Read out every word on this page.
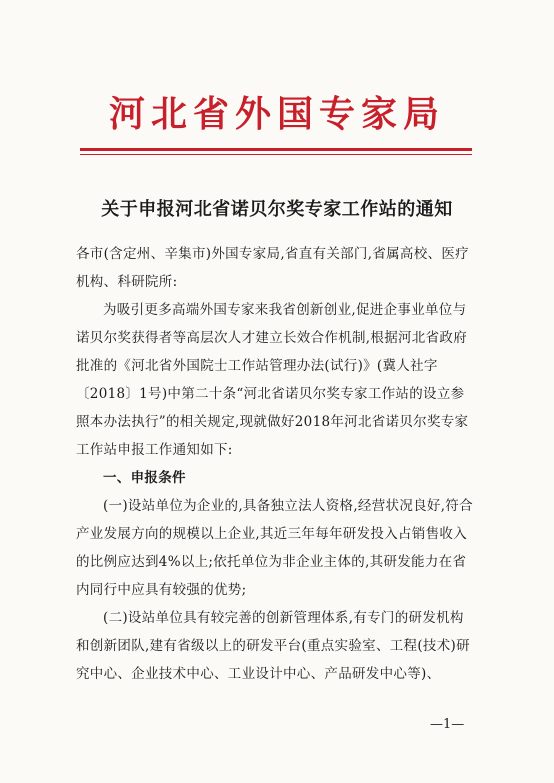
河北省外国专家局
关于申报河北省诺贝尔奖专家工作站的通知

各市(含定州、辛集市)外国专家局,省直有关部门,省属高校、医疗机构、科研院所:

为吸引更多高端外国专家来我省创新创业,促进企事业单位与诺贝尔奖获得者等高层次人才建立长效合作机制,根据河北省政府批准的《河北省外国院士工作站管理办法(试行)》(冀人社字〔2018〕1号)中第二十条“河北省诺贝尔奖专家工作站的设立参照本办法执行”的相关规定,现就做好2018年河北省诺贝尔奖专家工作站申报工作通知如下:

一、申报条件

(一)设站单位为企业的,具备独立法人资格,经营状况良好,符合产业发展方向的规模以上企业,其近三年每年研发投入占销售收入的比例应达到4%以上;依托单位为非企业主体的,其研发能力在省内同行中应具有较强的优势;

(二)设站单位具有较完善的创新管理体系,有专门的研发机构和创新团队,建有省级以上的研发平台(重点实验室、工程(技术)研究中心、企业技术中心、工业设计中心、产品研发中心等)、

—1—
